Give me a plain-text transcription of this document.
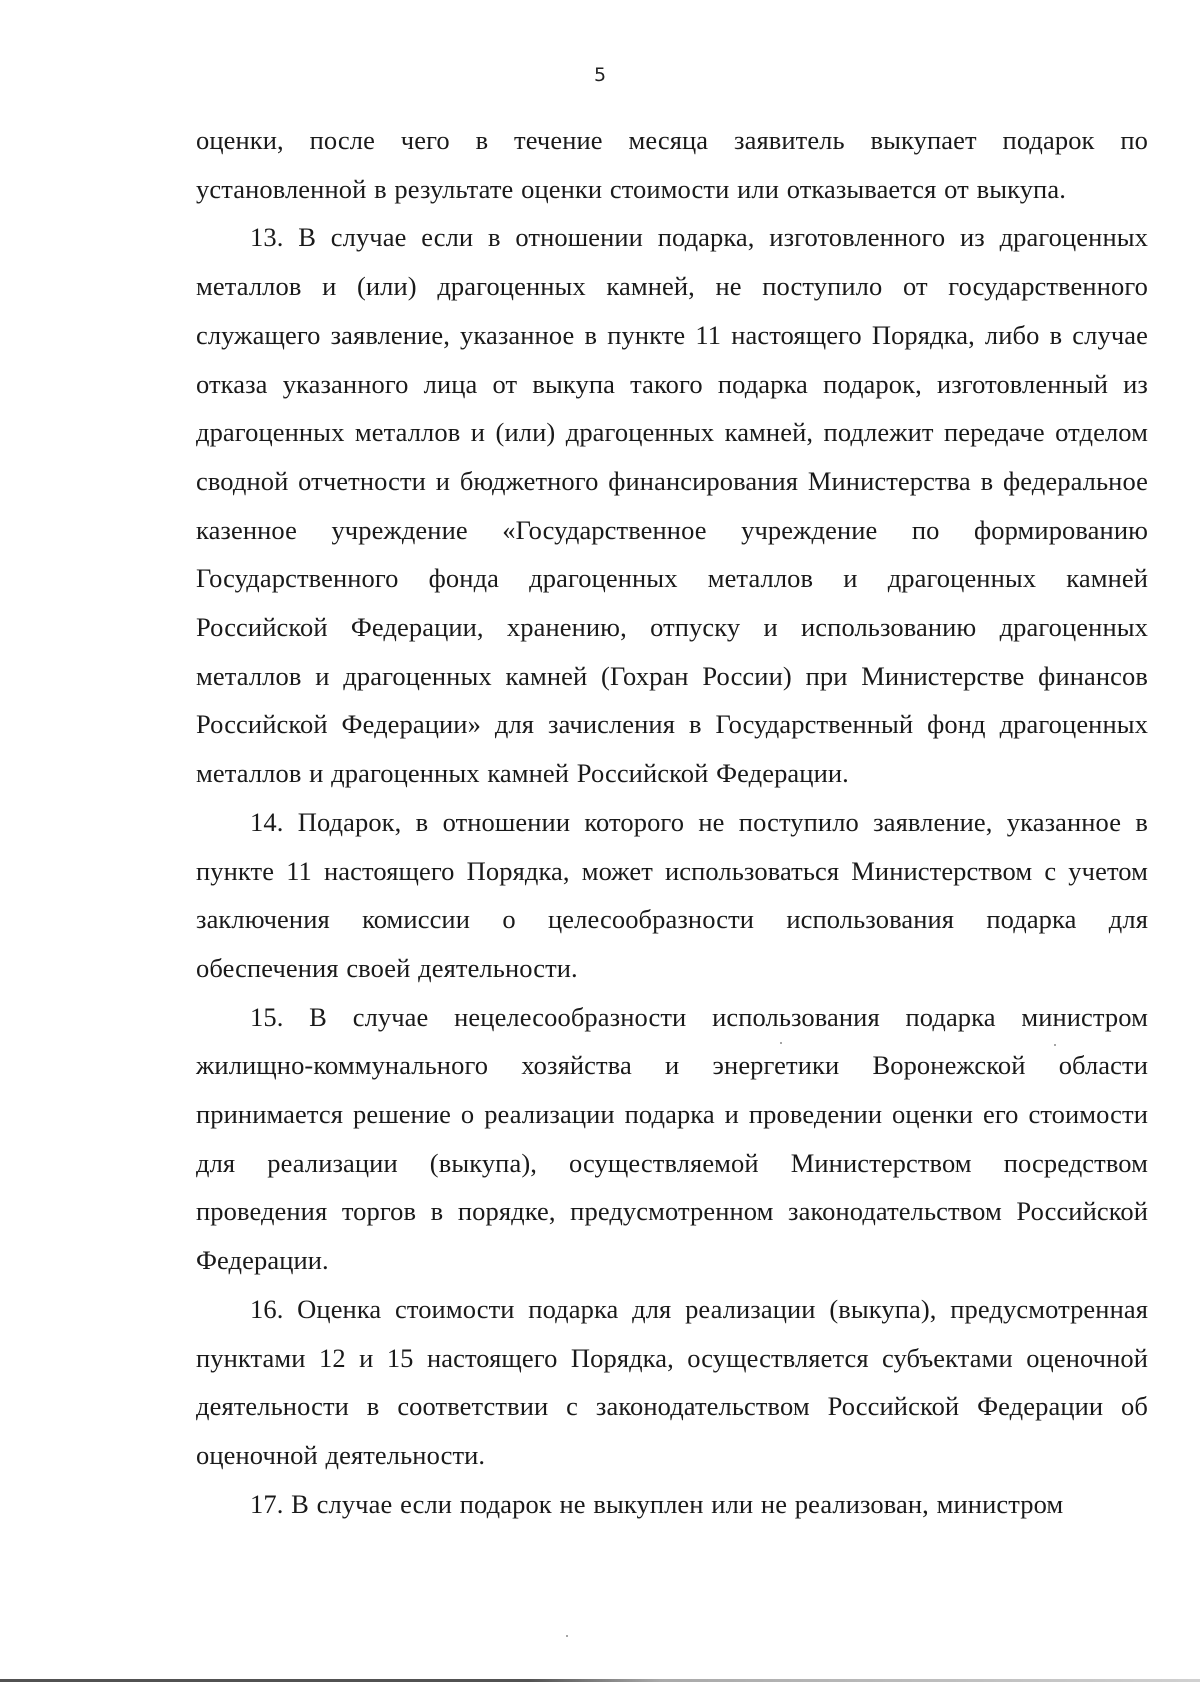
5

оценки, после чего в течение месяца заявитель выкупает подарок по установленной в результате оценки стоимости или отказывается от выкупа.

13. В случае если в отношении подарка, изготовленного из драгоценных металлов и (или) драгоценных камней, не поступило от государственного служащего заявление, указанное в пункте 11 настоящего Порядка, либо в случае отказа указанного лица от выкупа такого подарка подарок, изготовленный из драгоценных металлов и (или) драгоценных камней, подлежит передаче отделом сводной отчетности и бюджетного финансирования Министерства в федеральное казенное учреждение «Государственное учреждение по формированию Государственного фонда драгоценных металлов и драгоценных камней Российской Федерации, хранению, отпуску и использованию драгоценных металлов и драгоценных камней (Гохран России) при Министерстве финансов Российской Федерации» для зачисления в Государственный фонд драгоценных металлов и драгоценных камней Российской Федерации.

14. Подарок, в отношении которого не поступило заявление, указанное в пункте 11 настоящего Порядка, может использоваться Министерством с учетом заключения комиссии о целесообразности использования подарка для обеспечения своей деятельности.

15. В случае нецелесообразности использования подарка министром жилищно-коммунального хозяйства и энергетики Воронежской области принимается решение о реализации подарка и проведении оценки его стоимости для реализации (выкупа), осуществляемой Министерством посредством проведения торгов в порядке, предусмотренном законодательством Российской Федерации.

16. Оценка стоимости подарка для реализации (выкупа), предусмотренная пунктами 12 и 15 настоящего Порядка, осуществляется субъектами оценочной деятельности в соответствии с законодательством Российской Федерации об оценочной деятельности.

17. В случае если подарок не выкуплен или не реализован, министром
